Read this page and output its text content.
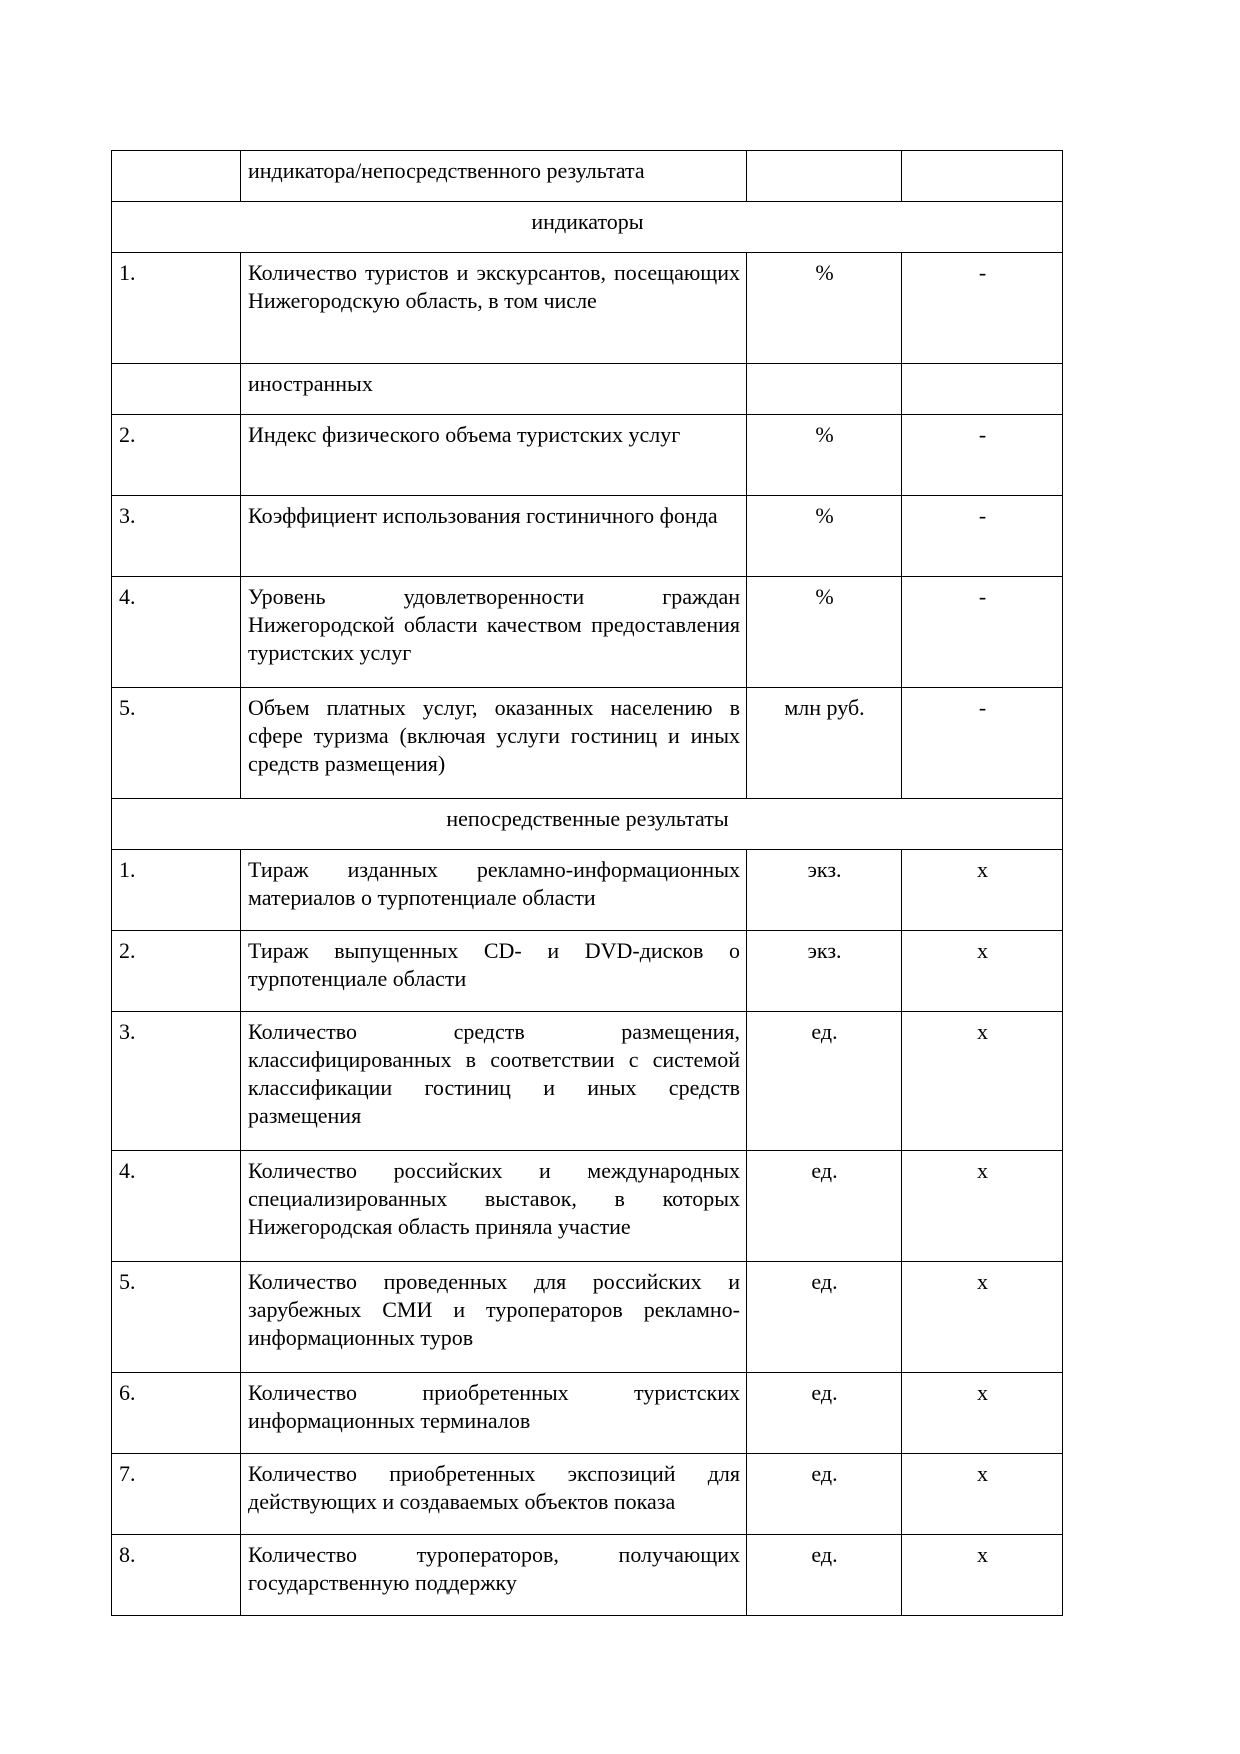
	индикатора/непосредственного результата		
индикаторы			
1.	Количество туристов и экскурсантов, посещающих Нижегородскую область, в том числе	%	-
	иностранных		
2.	Индекс физического объема туристских услуг	%	-
3.	Коэффициент использования гостиничного фонда	%	-
4.	Уровень удовлетворенности граждан Нижегородской области качеством предоставления туристских услуг	%	-
5.	Объем платных услуг, оказанных населению в сфере туризма (включая услуги гостиниц и иных средств размещения)	млн руб.	-
непосредственные результаты			
1.	Тираж изданных рекламно-информационных материалов о турпотенциале области	экз.	x
2.	Тираж выпущенных CD- и DVD-дисков о турпотенциале области	экз.	x
3.	Количество средств размещения, классифицированных в соответствии с системой классификации гостиниц и иных средств размещения	ед.	x
4.	Количество российских и международных специализированных выставок, в которых Нижегородская область приняла участие	ед.	x
5.	Количество проведенных для российских и зарубежных СМИ и туроператоров рекламно-информационных туров	ед.	x
6.	Количество приобретенных туристских информационных терминалов	ед.	x
7.	Количество приобретенных экспозиций для действующих и создаваемых объектов показа	ед.	x
8.	Количество туроператоров, получающих государственную поддержку	ед.	x
